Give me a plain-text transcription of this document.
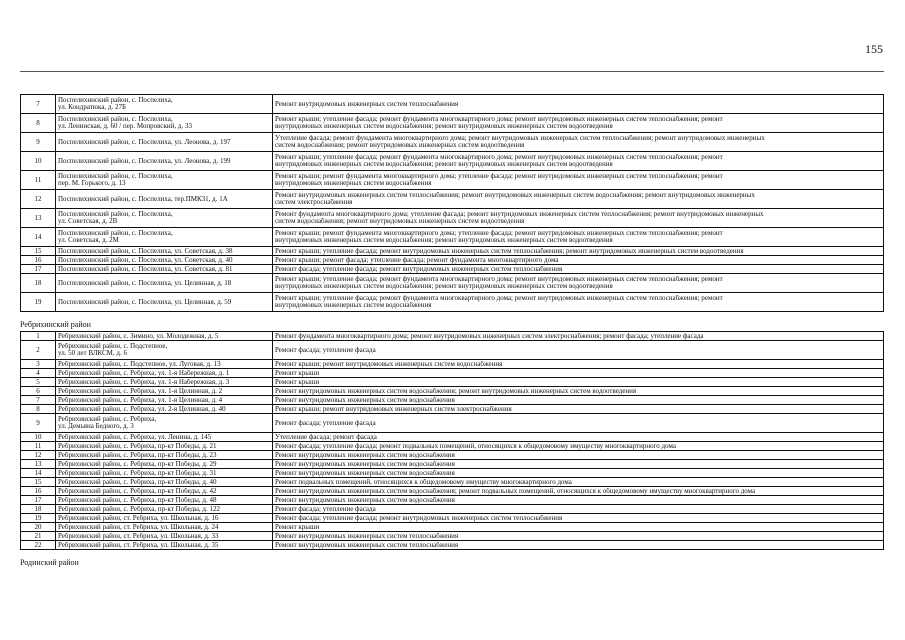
155
7	Поспелихинский район, с. Поспелиха,
ул. Кондратюка, д. 27Б	Ремонт внутридомовых инженерных систем теплоснабжения

8	Поспелихинский район, с. Поспелиха,
ул. Ленинская, д. 60 / пер. Мопровский, д. 33	Ремонт крыши; утепление фасада; ремонт фундамента многоквартирного дома; ремонт внутридомовых инженерных систем теплоснабжения; ремонт
внутридомовых инженерных систем водоснабжения; ремонт внутридомовых инженерных систем водоотведения

9	Поспелихинский район, с. Поспелиха, ул. Леонова, д. 197	Утепление фасада; ремонт фундамента многоквартирного дома; ремонт внутридомовых инженерных систем теплоснабжения; ремонт внутридомовых инженерных
систем водоснабжения; ремонт внутридомовых инженерных систем водоотведения

10	Поспелихинский район, с. Поспелиха, ул. Леонова, д. 199	Ремонт крыши; утепление фасада; ремонт фундамента многоквартирного дома; ремонт внутридомовых инженерных систем теплоснабжения; ремонт
внутридомовых инженерных систем водоснабжения; ремонт внутридомовых инженерных систем водоотведения

11	Поспелихинский район, с. Поспелиха,
пер. М. Горького, д. 13	Ремонт крыши; ремонт фундамента многоквартирного дома; утепление фасада; ремонт внутридомовых инженерных систем теплоснабжения; ремонт
внутридомовых инженерных систем водоснабжения

12	Поспелихинский район, с. Поспелиха, тер.ПМК31, д. 1А	Ремонт внутридомовых инженерных систем теплоснабжения; ремонт внутридомовых инженерных систем водоснабжения; ремонт внутридомовых инженерных
систем электроснабжения

13	Поспелихинский район, с. Поспелиха,
ул. Советская, д. 2В	Ремонт фундамента многоквартирного дома; утепление фасада; ремонт внутридомовых инженерных систем теплоснабжения; ремонт внутридомовых инженерных
систем водоснабжения; ремонт внутридомовых инженерных систем водоотведения

14	Поспелихинский район, с. Поспелиха,
ул. Советская, д. 2М	Ремонт крыши; ремонт фундамента многоквартирного дома; утепление фасада; ремонт внутридомовых инженерных систем теплоснабжения; ремонт
внутридомовых инженерных систем водоснабжения; ремонт внутридомовых инженерных систем водоотведения

15	Поспелихинский район, с. Поспелиха, ул. Советская, д. 38	Ремонт крыши; утепление фасада; ремонт внутридомовых инженерных систем теплоснабжения; ремонт внутридомовых инженерных систем водоотведения

16	Поспелихинский район, с. Поспелиха, ул. Советская, д. 40	Ремонт крыши; ремонт фасада; утепление фасада; ремонт фундамента многоквартирного дома

17	Поспелихинский район, с. Поспелиха, ул. Советская, д. 81	Ремонт фасада; утепление фасада; ремонт внутридомовых инженерных систем теплоснабжения

18	Поспелихинский район, с. Поспелиха, ул. Целинная, д. 18	Ремонт крыши; утепление фасада; ремонт фундамента многоквартирного дома; ремонт внутридомовых инженерных систем теплоснабжения; ремонт
внутридомовых инженерных систем водоснабжения; ремонт внутридомовых инженерных систем водоотведения

19	Поспелихинский район, с. Поспелиха, ул. Целинная, д. 59	Ремонт крыши; утепление фасада; ремонт фундамента многоквартирного дома; ремонт внутридомовых инженерных систем теплоснабжения; ремонт
внутридомовых инженерных систем водоснабжения
Ребрихинский район
1	Ребрихинский район, с. Зимино, ул. Молодежная, д. 5	Ремонт фундамента многоквартирного дома; ремонт внутридомовых инженерных систем электроснабжения; ремонт фасада; утепление фасада

2	Ребрихинский район, с. Подстепное,
ул. 50 лет ВЛКСМ, д. 6	Ремонт фасада; утепление фасада

3	Ребрихинский район, с. Подстепное, ул. Луговая, д. 13	Ремонт крыши; ремонт внутридомовых инженерных систем водоснабжения

4	Ребрихинский район, с. Ребриха, ул. 1-я Набережная, д. 1	Ремонт крыши

5	Ребрихинский район, с. Ребриха, ул. 1-я Набережная, д. 3	Ремонт крыши

6	Ребрихинский район, с. Ребриха, ул. 1-я Целинная, д. 2	Ремонт внутридомовых инженерных систем водоснабжения; ремонт внутридомовых инженерных систем водоотведения

7	Ребрихинский район, с. Ребриха, ул. 1-я Целинная, д. 4	Ремонт внутридомовых инженерных систем водоснабжения

8	Ребрихинский район, с. Ребриха, ул. 2-я Целинная, д. 40	Ремонт крыши; ремонт внутридомовых инженерных систем электроснабжения

9	Ребрихинский район, с. Ребриха,
ул. Демьяна Бедного, д. 3	Ремонт фасада; утепление фасада

10	Ребрихинский район, с. Ребриха, ул. Ленина, д. 145	Утепление фасада; ремонт фасада

11	Ребрихинский район, с. Ребриха, пр-кт Победы, д. 21	Ремонт фасада; утепление фасада; ремонт подвальных помещений, относящихся к общедомовому имуществу многоквартирного дома

12	Ребрихинский район, с. Ребриха, пр-кт Победы, д. 23	Ремонт внутридомовых инженерных систем водоснабжения

13	Ребрихинский район, с. Ребриха, пр-кт Победы, д. 29	Ремонт внутридомовых инженерных систем водоснабжения

14	Ребрихинский район, с. Ребриха, пр-кт Победы, д. 31	Ремонт внутридомовых инженерных систем водоснабжения

15	Ребрихинский район, с. Ребриха, пр-кт Победы, д. 40	Ремонт подвальных помещений, относящихся к общедомовому имуществу многоквартирного дома

16	Ребрихинский район, с. Ребриха, пр-кт Победы, д. 42	Ремонт внутридомовых инженерных систем водоснабжения; ремонт подвальных помещений, относящихся к общедомовому имуществу многоквартирного дома

17	Ребрихинский район, с. Ребриха, пр-кт Победы, д. 48	Ремонт внутридомовых инженерных систем водоснабжения

18	Ребрихинский район, с. Ребриха, пр-кт Победы, д. 122	Ремонт фасада; утепление фасада

19	Ребрихинский район, ст. Ребриха, ул. Школьная, д. 16	Ремонт фасада; утепление фасада; ремонт внутридомовых инженерных систем теплоснабжения

20	Ребрихинский район, ст. Ребриха, ул. Школьная, д. 24	Ремонт крыши

21	Ребрихинский район, ст. Ребриха, ул. Школьная, д. 33	Ремонт внутридомовых инженерных систем теплоснабжения

22	Ребрихинский район, ст. Ребриха, ул. Школьная, д. 35	Ремонт внутридомовых инженерных систем теплоснабжения
Родинский район
